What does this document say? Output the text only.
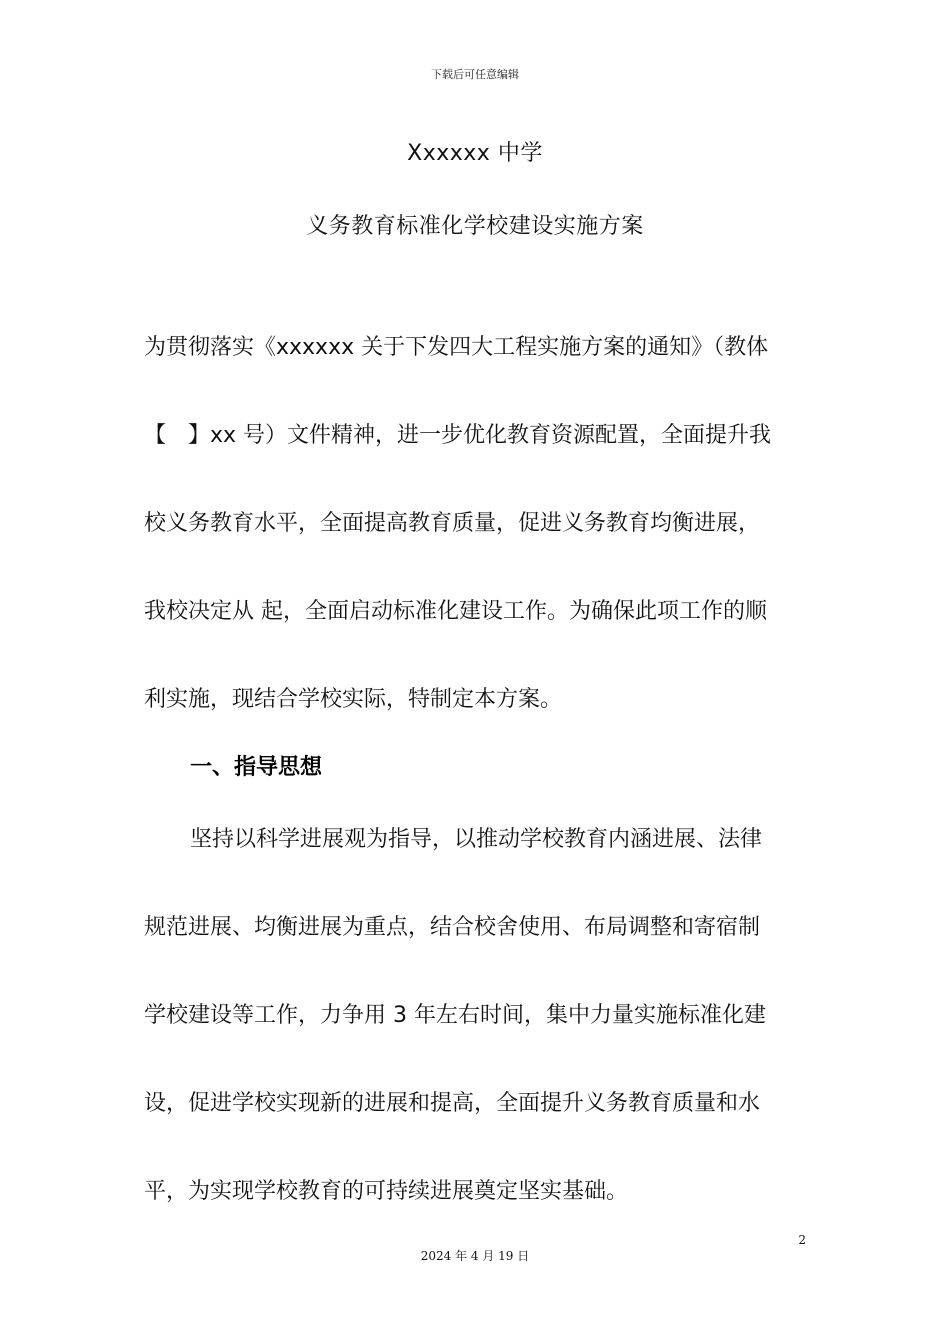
下载后可任意编辑
Xxxxxx 中学
义务教育标准化学校建设实施方案
为贯彻落实《xxxxxx 关于下发四大工程实施方案的通知》（教体
【　】xx 号）文件精神，进一步优化教育资源配置，全面提升我
校义务教育水平，全面提高教育质量，促进义务教育均衡进展，
我校决定从 起，全面启动标准化建设工作。为确保此项工作的顺
利实施，现结合学校实际，特制定本方案。
一、指导思想
坚持以科学进展观为指导，以推动学校教育内涵进展、法律
规范进展、均衡进展为重点，结合校舍使用、布局调整和寄宿制
学校建设等工作，力争用 3 年左右时间，集中力量实施标准化建
设，促进学校实现新的进展和提高，全面提升义务教育质量和水
平，为实现学校教育的可持续进展奠定坚实基础。
2
2024 年 4 月 19 日
